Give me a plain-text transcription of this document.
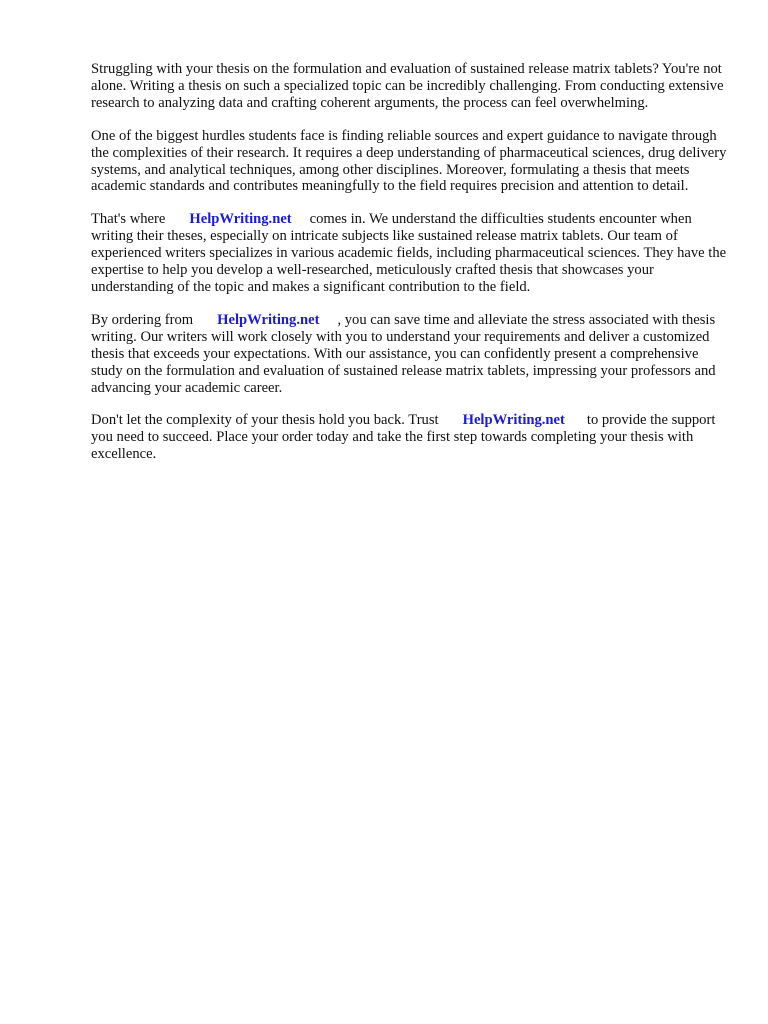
Struggling with your thesis on the formulation and evaluation of sustained release matrix tablets? You're not alone. Writing a thesis on such a specialized topic can be incredibly challenging. From conducting extensive research to analyzing data and crafting coherent arguments, the process can feel overwhelming.

One of the biggest hurdles students face is finding reliable sources and expert guidance to navigate through the complexities of their research. It requires a deep understanding of pharmaceutical sciences, drug delivery systems, and analytical techniques, among other disciplines. Moreover, formulating a thesis that meets academic standards and contributes meaningfully to the field requires precision and attention to detail.

That's where HelpWriting.net comes in. We understand the difficulties students encounter when writing their theses, especially on intricate subjects like sustained release matrix tablets. Our team of experienced writers specializes in various academic fields, including pharmaceutical sciences. They have the expertise to help you develop a well-researched, meticulously crafted thesis that showcases your understanding of the topic and makes a significant contribution to the field.

By ordering from HelpWriting.net , you can save time and alleviate the stress associated with thesis writing. Our writers will work closely with you to understand your requirements and deliver a customized thesis that exceeds your expectations. With our assistance, you can confidently present a comprehensive study on the formulation and evaluation of sustained release matrix tablets, impressing your professors and advancing your academic career.

Don't let the complexity of your thesis hold you back. Trust HelpWriting.net to provide the support you need to succeed. Place your order today and take the first step towards completing your thesis with excellence.
